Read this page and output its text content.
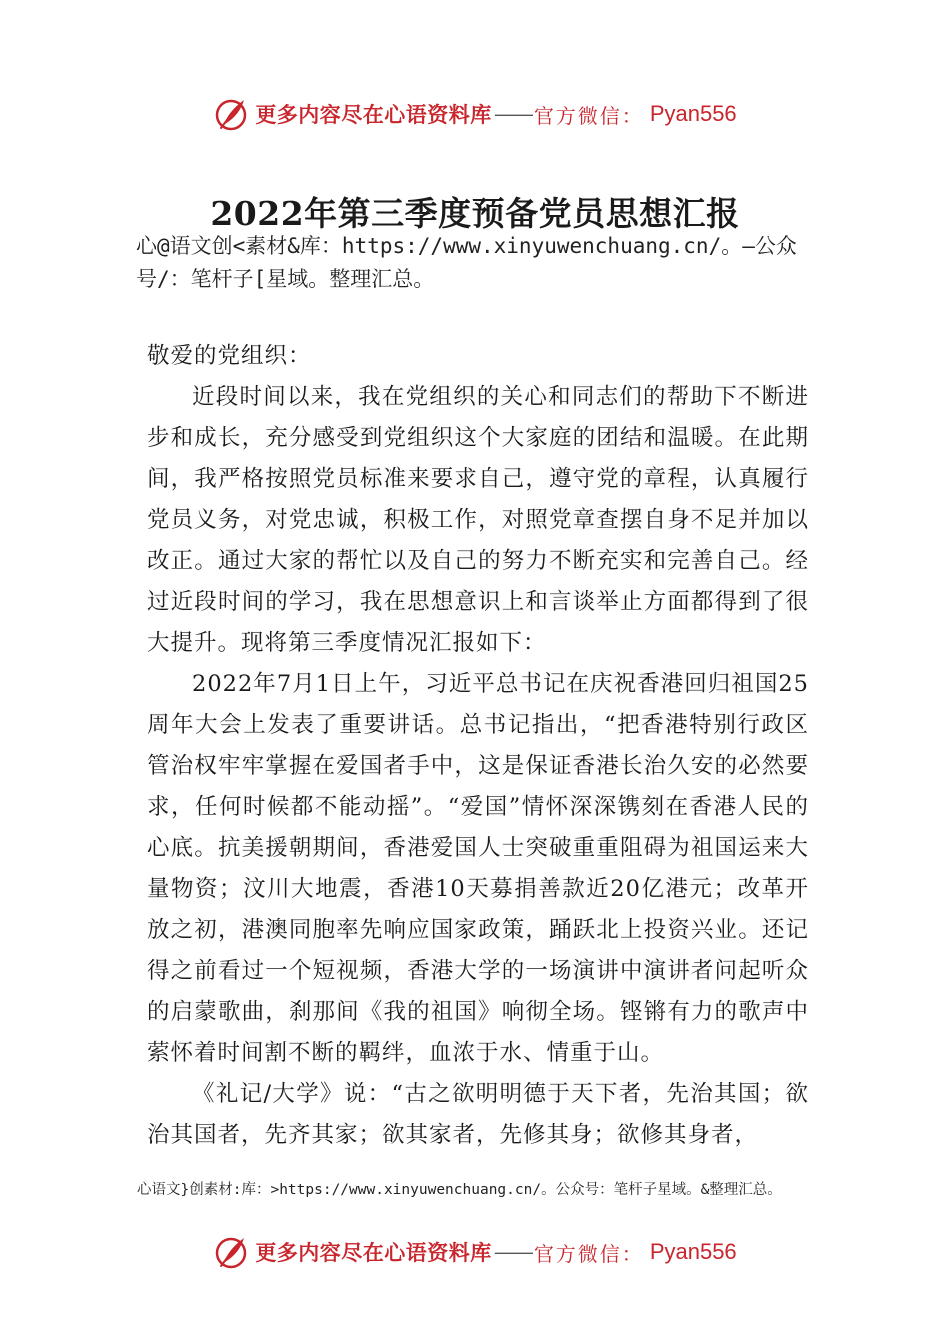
更多内容尽在心语资料库 —— 官方微信： Pyan556
2022年第三季度预备党员思想汇报

心@语文创<素材&库：https://www.xinyuwenchuang.cn/。—公众号/：笔杆子[星域。整理汇总。

敬爱的党组织：

近段时间以来，我在党组织的关心和同志们的帮助下不断进步和成长，充分感受到党组织这个大家庭的团结和温暖。在此期间，我严格按照党员标准来要求自己，遵守党的章程，认真履行党员义务，对党忠诚，积极工作，对照党章查摆自身不足并加以改正。通过大家的帮忙以及自己的努力不断充实和完善自己。经过近段时间的学习，我在思想意识上和言谈举止方面都得到了很大提升。现将第三季度情况汇报如下：

2022年7月1日上午，习近平总书记在庆祝香港回归祖国25周年大会上发表了重要讲话。总书记指出，“把香港特别行政区管治权牢牢掌握在爱国者手中，这是保证香港长治久安的必然要求，任何时候都不能动摇”。“爱国”情怀深深镌刻在香港人民的心底。抗美援朝期间，香港爱国人士突破重重阻碍为祖国运来大量物资；汶川大地震，香港10天募捐善款近20亿港元；改革开放之初，港澳同胞率先响应国家政策，踊跃北上投资兴业。还记得之前看过一个短视频，香港大学的一场演讲中演讲者问起听众的启蒙歌曲，刹那间《我的祖国》响彻全场。铿锵有力的歌声中萦怀着时间割不断的羁绊，血浓于水、情重于山。

《礼记/大学》说：“古之欲明明德于天下者，先治其国；欲治其国者，先齐其家；欲其家者，先修其身；欲修其身者，

心语文}创素材:库：>https://www.xinyuwenchuang.cn/。公众号：笔杆子星域。&整理汇总。
更多内容尽在心语资料库 —— 官方微信： Pyan556
